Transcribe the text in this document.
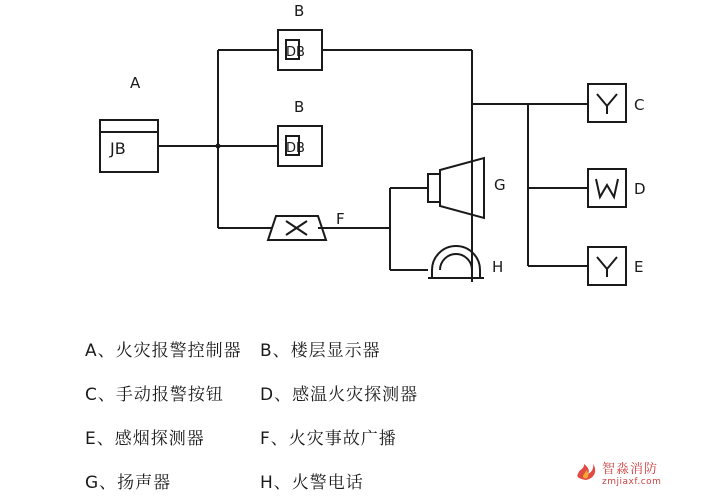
JB
DB
DB
A
B
B
F
G
H
C
D
E
A、火灾报警控制器	B、楼层显示器
C、手动报警按钮	D、感温火灾探测器
E、感烟探测器	F、火灾事故广播
G、扬声器	H、火警电话
智淼消防
zmjiaxf.com
